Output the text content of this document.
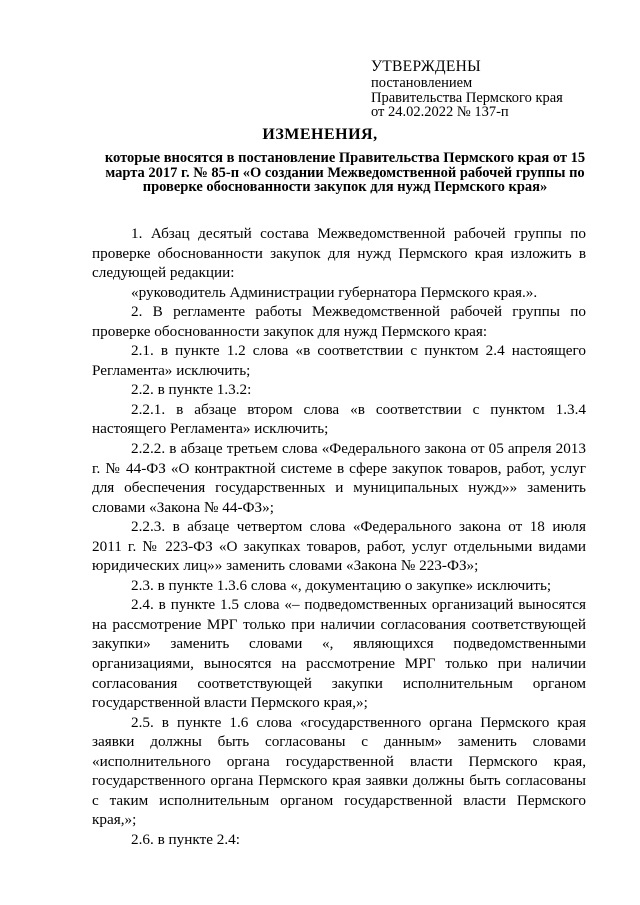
УТВЕРЖДЕНЫ
постановлением
Правительства Пермского края
от 24.02.2022 № 137-п
ИЗМЕНЕНИЯ,
которые вносятся в постановление Правительства Пермского края от 15 марта 2017 г. № 85-п «О создании Межведомственной рабочей группы по проверке обоснованности закупок для нужд Пермского края»

1. Абзац десятый состава Межведомственной рабочей группы по проверке обоснованности закупок для нужд Пермского края изложить в следующей редакции:

«руководитель Администрации губернатора Пермского края.».

2. В регламенте работы Межведомственной рабочей группы по проверке обоснованности закупок для нужд Пермского края:

2.1. в пункте 1.2 слова «в соответствии с пунктом 2.4 настоящего Регламента» исключить;

2.2. в пункте 1.3.2:

2.2.1. в абзаце втором слова «в соответствии с пунктом 1.3.4 настоящего Регламента» исключить;

2.2.2. в абзаце третьем слова «Федерального закона от 05 апреля 2013 г. № 44-ФЗ «О контрактной системе в сфере закупок товаров, работ, услуг для обеспечения государственных и муниципальных нужд»» заменить словами «Закона № 44-ФЗ»;

2.2.3. в абзаце четвертом слова «Федерального закона от 18 июля 2011 г. № 223-ФЗ «О закупках товаров, работ, услуг отдельными видами юридических лиц»» заменить словами «Закона № 223-ФЗ»;

2.3. в пункте 1.3.6 слова «, документацию о закупке» исключить;

2.4. в пункте 1.5 слова «– подведомственных организаций выносятся на рассмотрение МРГ только при наличии согласования соответствующей закупки» заменить словами «, являющихся подведомственными организациями, выносятся на рассмотрение МРГ только при наличии согласования соответствующей закупки исполнительным органом государственной власти Пермского края,»;

2.5. в пункте 1.6 слова «государственного органа Пермского края заявки должны быть согласованы с данным» заменить словами «исполнительного органа государственной власти Пермского края, государственного органа Пермского края заявки должны быть согласованы с таким исполнительным органом государственной власти Пермского края,»;

2.6. в пункте 2.4:
